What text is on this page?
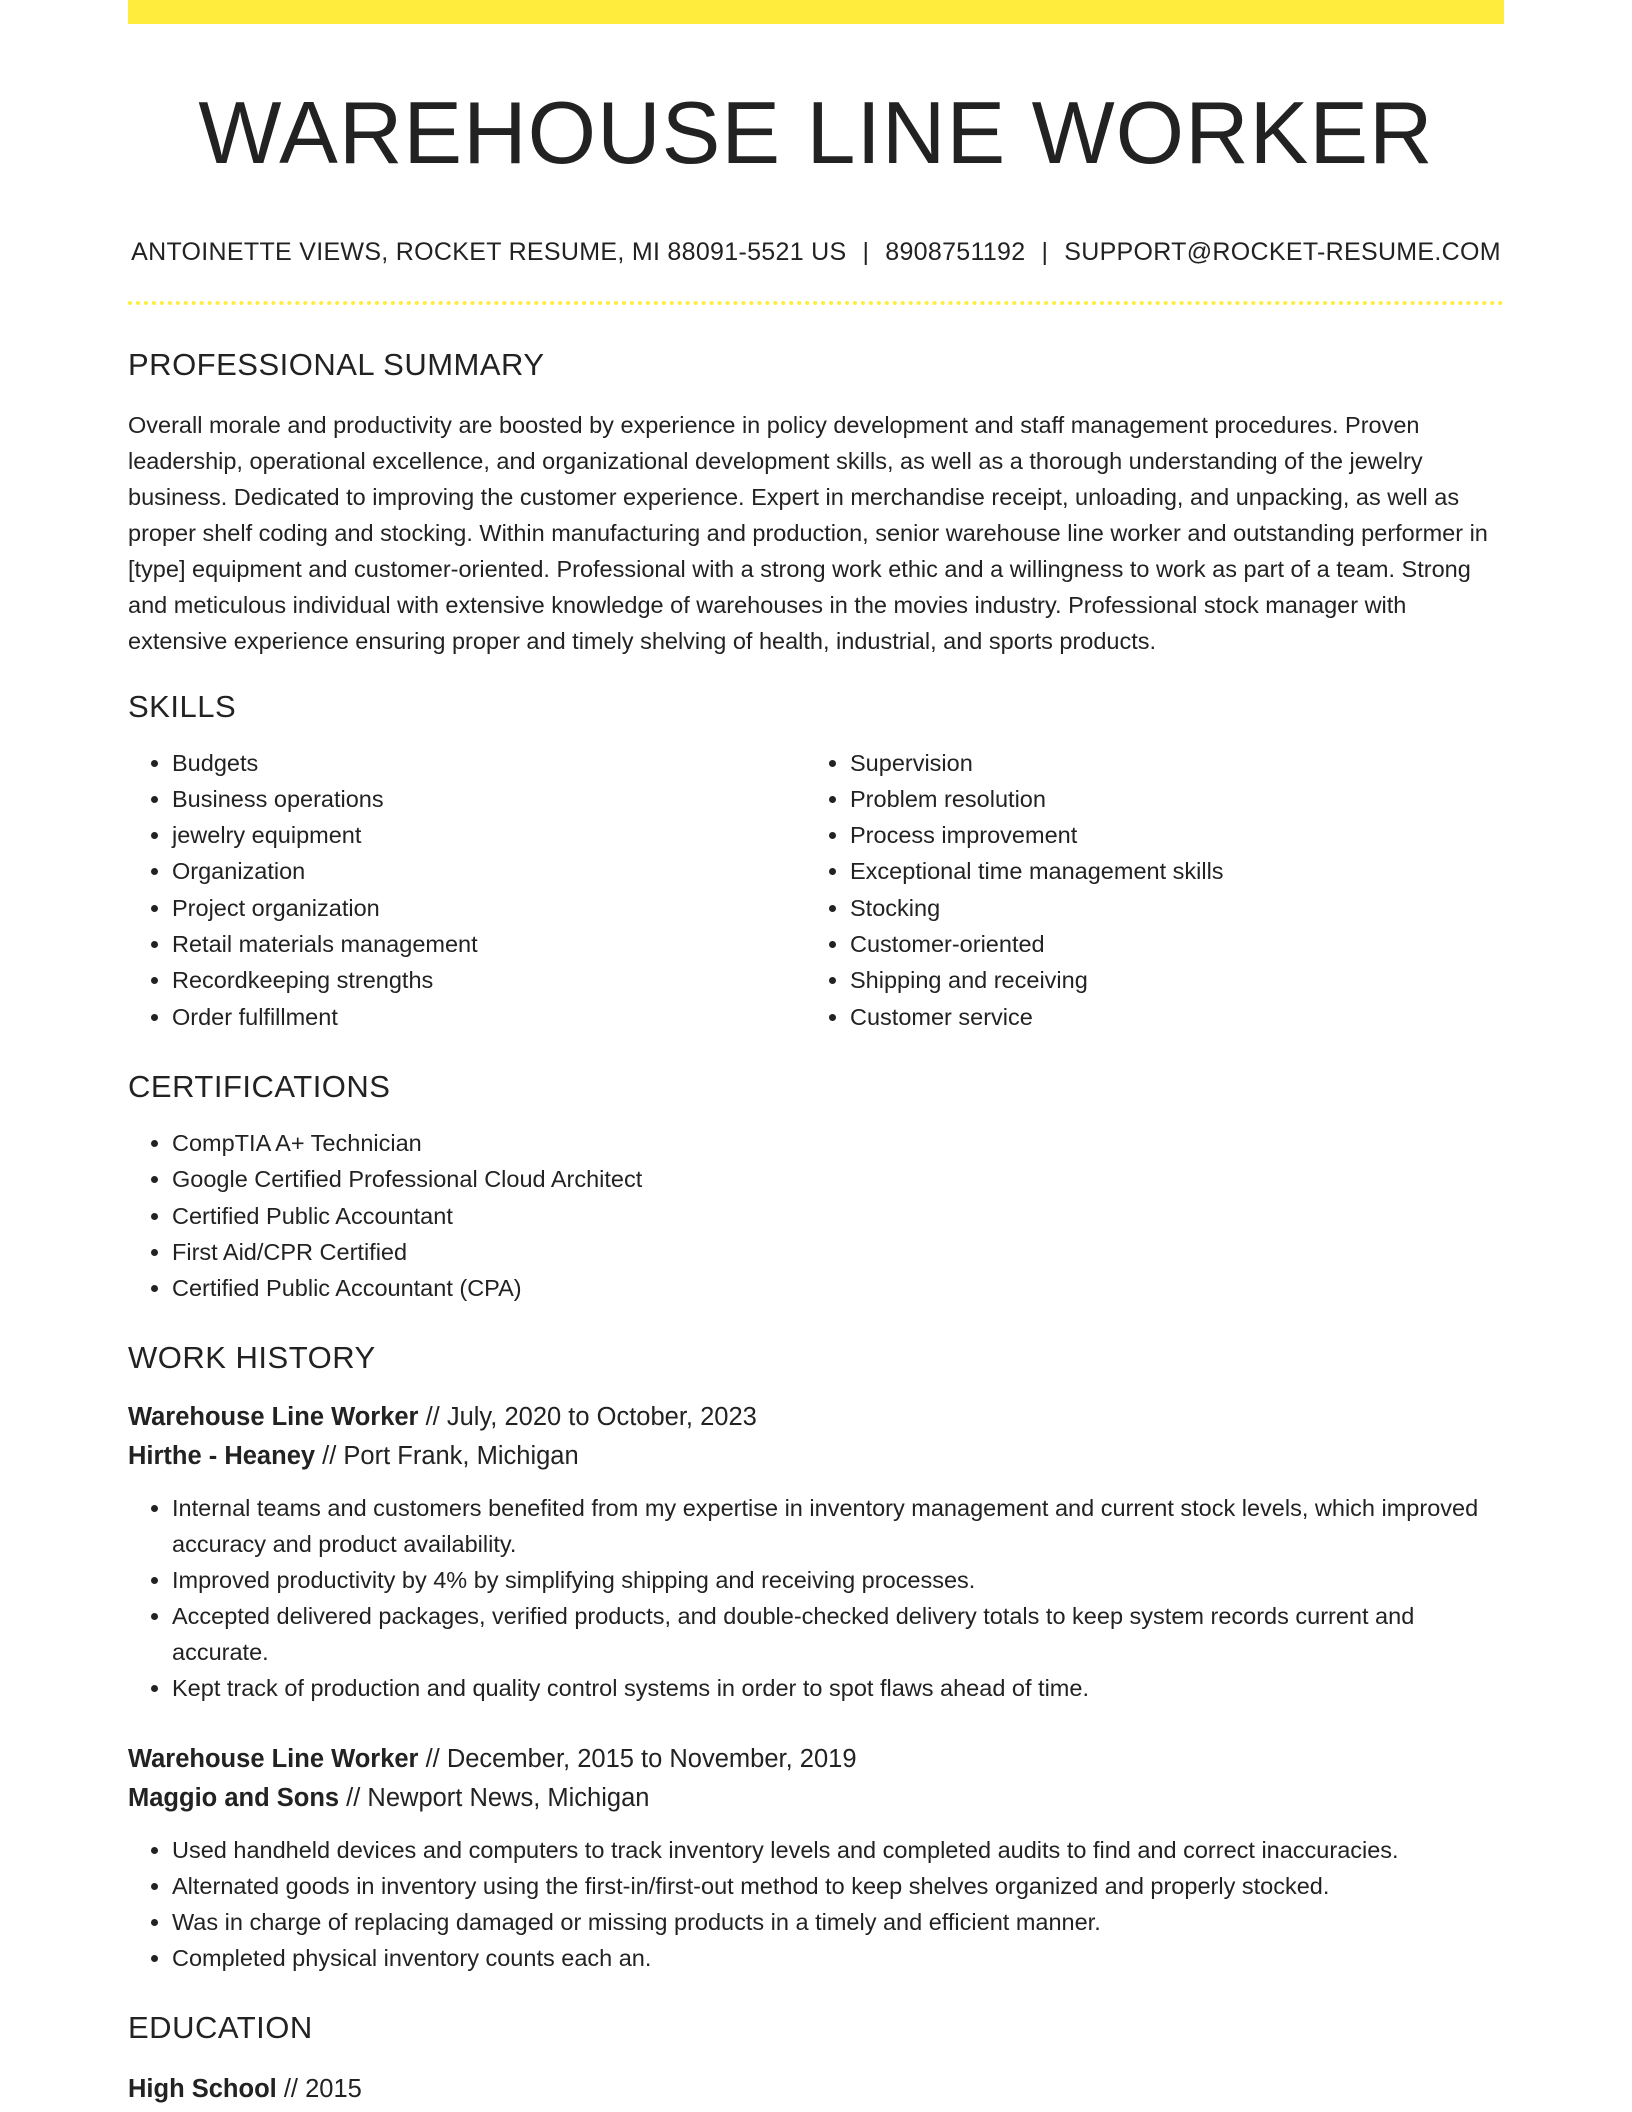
WAREHOUSE LINE WORKER
ANTOINETTE VIEWS, ROCKET RESUME, MI 88091-5521 US | 8908751192 | SUPPORT@ROCKET-RESUME.COM
PROFESSIONAL SUMMARY
Overall morale and productivity are boosted by experience in policy development and staff management procedures. Proven leadership, operational excellence, and organizational development skills, as well as a thorough understanding of the jewelry business. Dedicated to improving the customer experience. Expert in merchandise receipt, unloading, and unpacking, as well as proper shelf coding and stocking. Within manufacturing and production, senior warehouse line worker and outstanding performer in [type] equipment and customer-oriented. Professional with a strong work ethic and a willingness to work as part of a team. Strong and meticulous individual with extensive knowledge of warehouses in the movies industry. Professional stock manager with extensive experience ensuring proper and timely shelving of health, industrial, and sports products.
SKILLS
• Budgets
• Business operations
• jewelry equipment
• Organization
• Project organization
• Retail materials management
• Recordkeeping strengths
• Order fulfillment
• Supervision
• Problem resolution
• Process improvement
• Exceptional time management skills
• Stocking
• Customer-oriented
• Shipping and receiving
• Customer service
CERTIFICATIONS
• CompTIA A+ Technician
• Google Certified Professional Cloud Architect
• Certified Public Accountant
• First Aid/CPR Certified
• Certified Public Accountant (CPA)
WORK HISTORY
Warehouse Line Worker // July, 2020 to October, 2023
Hirthe - Heaney // Port Frank, Michigan
• Internal teams and customers benefited from my expertise in inventory management and current stock levels, which improved accuracy and product availability.
• Improved productivity by 4% by simplifying shipping and receiving processes.
• Accepted delivered packages, verified products, and double-checked delivery totals to keep system records current and accurate.
• Kept track of production and quality control systems in order to spot flaws ahead of time.
Warehouse Line Worker // December, 2015 to November, 2019
Maggio and Sons // Newport News, Michigan
• Used handheld devices and computers to track inventory levels and completed audits to find and correct inaccuracies.
• Alternated goods in inventory using the first-in/first-out method to keep shelves organized and properly stocked.
• Was in charge of replacing damaged or missing products in a timely and efficient manner.
• Completed physical inventory counts each an.
EDUCATION
High School // 2015
